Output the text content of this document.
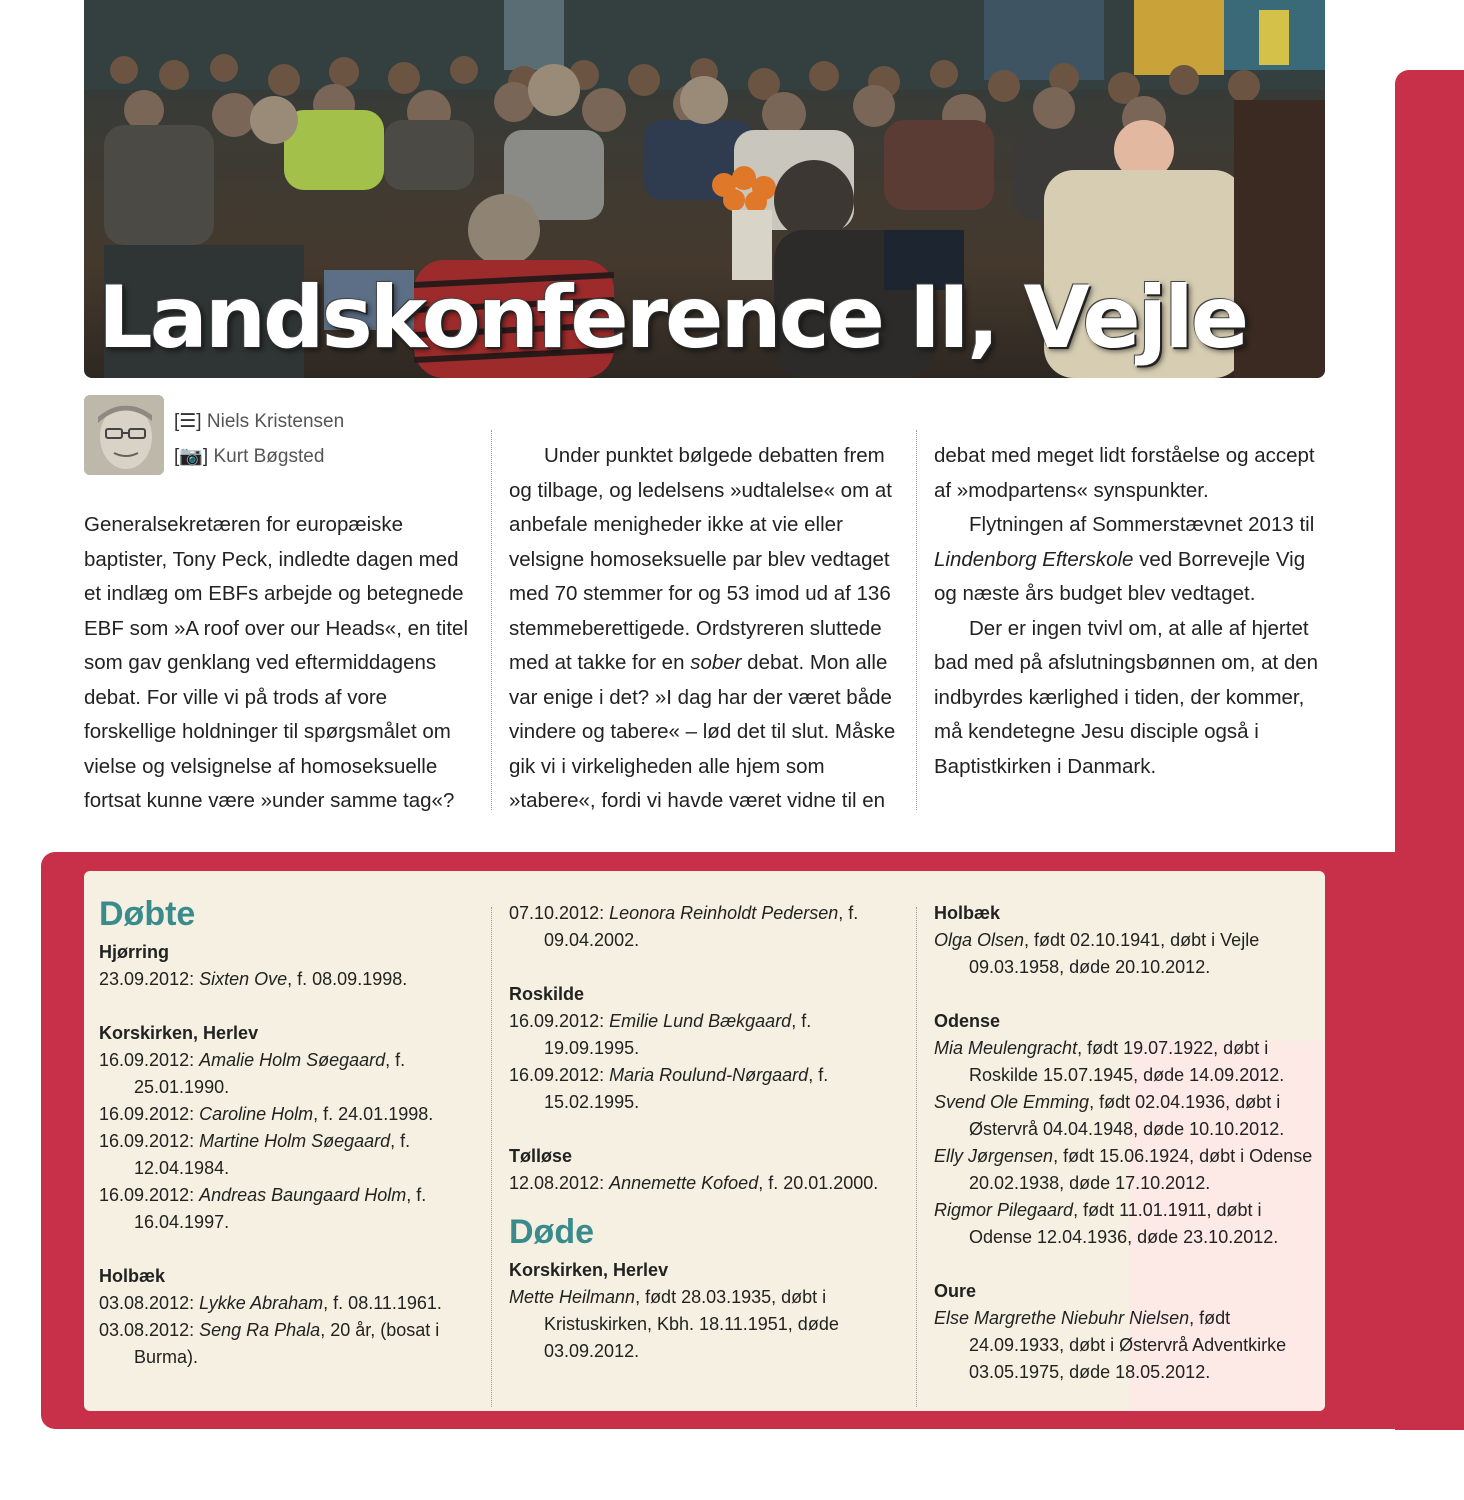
Landskonference II, Vejle
[☰] Niels Kristensen
[📷] Kurt Bøgsted

Generalsekretæren for europæiske baptister, Tony Peck, indledte dagen med et indlæg om EBFs arbejde og betegnede EBF som »A roof over our Heads«, en titel som gav genklang ved eftermiddagens debat. For ville vi på trods af vore forskellige holdninger til spørgsmålet om vielse og velsignelse af homoseksuelle fortsat kunne være »under samme tag«?

Under punktet bølgede debatten frem og tilbage, og ledelsens »udtalelse« om at anbefale menigheder ikke at vie eller velsigne homoseksuelle par blev vedtaget med 70 stemmer for og 53 imod ud af 136 stemmeberettigede. Ordstyreren sluttede med at takke for en sober debat. Mon alle var enige i det? »I dag har der været både vindere og tabere« – lød det til slut. Måske gik vi i virkeligheden alle hjem som »tabere«, fordi vi havde været vidne til en

debat med meget lidt forståelse og accept af »modpartens« synspunkter.

Flytningen af Sommerstævnet 2013 til Lindenborg Efterskole ved Borrevejle Vig og næste års budget blev vedtaget.

Der er ingen tvivl om, at alle af hjertet bad med på afslutningsbønnen om, at den indbyrdes kærlighed i tiden, der kommer, må kendetegne Jesu disciple også i Baptistkirken i Danmark.

Døbte
Hjørring

23.09.2012: Sixten Ove, f. 08.09.1998.

Korskirken, Herlev

16.09.2012: Amalie Holm Søegaard, f. 25.01.1990.

16.09.2012: Caroline Holm, f. 24.01.1998.

16.09.2012: Martine Holm Søegaard, f. 12.04.1984.

16.09.2012: Andreas Baungaard Holm, f. 16.04.1997.

Holbæk

03.08.2012: Lykke Abraham, f. 08.11.1961.

03.08.2012: Seng Ra Phala, 20 år, (bosat i Burma).

07.10.2012: Leonora Reinholdt Pedersen, f. 09.04.2002.

Roskilde

16.09.2012: Emilie Lund Bækgaard, f. 19.09.1995.

16.09.2012: Maria Roulund-Nørgaard, f. 15.02.1995.

Tølløse

12.08.2012: Annemette Kofoed, f. 20.01.2000.

Døde
Korskirken, Herlev

Mette Heilmann, født 28.03.1935, døbt i Kristuskirken, Kbh. 18.11.1951, døde 03.09.2012.

Holbæk

Olga Olsen, født 02.10.1941, døbt i Vejle 09.03.1958, døde 20.10.2012.

Odense

Mia Meulengracht, født 19.07.1922, døbt i Roskilde 15.07.1945, døde 14.09.2012.

Svend Ole Emming, født 02.04.1936, døbt i Østervrå 04.04.1948, døde 10.10.2012.

Elly Jørgensen, født 15.06.1924, døbt i Odense 20.02.1938, døde 17.10.2012.

Rigmor Pilegaard, født 11.01.1911, døbt i Odense 12.04.1936, døde 23.10.2012.

Oure

Else Margrethe Niebuhr Nielsen, født 24.09.1933, døbt i Østervrå Adventkirke 03.05.1975, døde 18.05.2012.
